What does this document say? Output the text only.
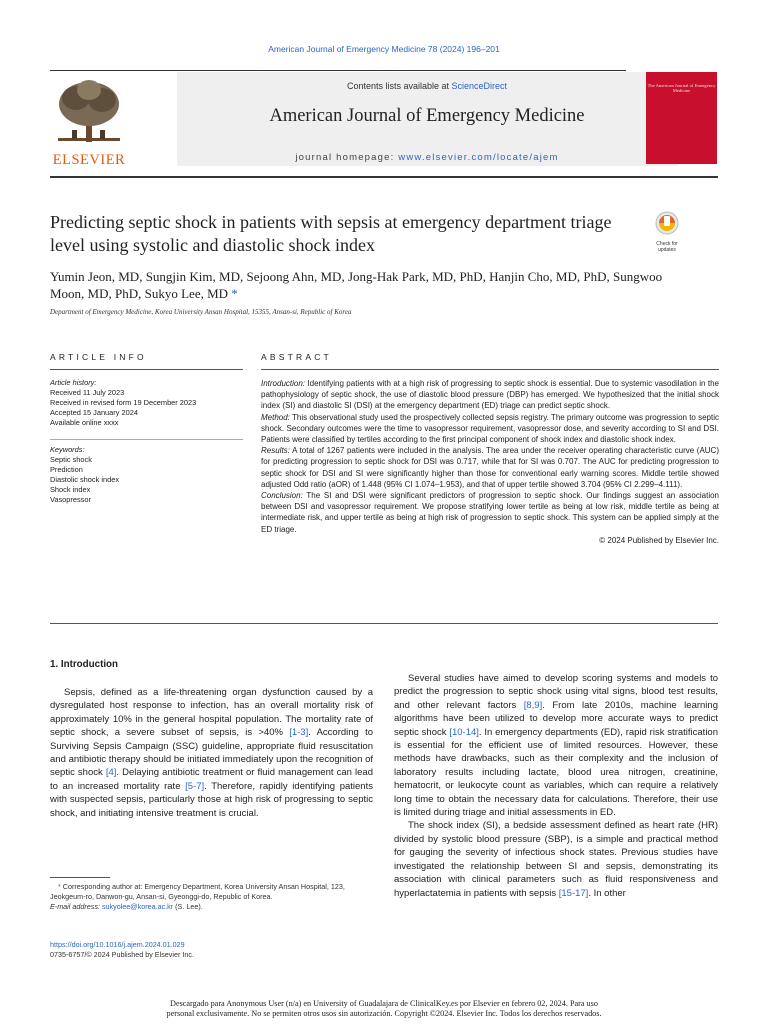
American Journal of Emergency Medicine 78 (2024) 196–201
Contents lists available at ScienceDirect
American Journal of Emergency Medicine
journal homepage: www.elsevier.com/locate/ajem
ELSEVIER
The American Journal of Emergency Medicine
Predicting septic shock in patients with sepsis at emergency department triage level using systolic and diastolic shock index	Check for updates
Yumin Jeon, MD, Sungjin Kim, MD, Sejoong Ahn, MD, Jong-Hak Park, MD, PhD, Hanjin Cho, MD, PhD, Sungwoo Moon, MD, PhD, Sukyo Lee, MD *
Department of Emergency Medicine, Korea University Ansan Hospital, 15355, Ansan-si, Republic of Korea
ARTICLE INFO	ABSTRACT
Article history:
Received 11 July 2023
Received in revised form 19 December 2023
Accepted 15 January 2024
Available online xxxx
Keywords:
Septic shock
Prediction
Diastolic shock index
Shock index
Vasopressor

Introduction: Identifying patients with at a high risk of progressing to septic shock is essential. Due to systemic vasodilation in the pathophysiology of septic shock, the use of diastolic blood pressure (DBP) has emerged. We hypothesized that the initial shock index (SI) and diastolic SI (DSI) at the emergency department (ED) triage can predict septic shock.

Method: This observational study used the prospectively collected sepsis registry. The primary outcome was progression to septic shock. Secondary outcomes were the time to vasopressor requirement, vasopressor dose, and severity according to SI and DSI. Patients were classified by tertiles according to the first principal component of shock index and diastolic shock index.

Results: A total of 1267 patients were included in the analysis. The area under the receiver operating characteristic curve (AUC) for predicting progression to septic shock for DSI was 0.717, while that for SI was 0.707. The AUC for predicting progression to septic shock for DSI and SI were significantly higher than those for conventional early warning scores. Middle tertile showed adjusted Odd ratio (aOR) of 1.448 (95% CI 1.074–1.953), and that of upper tertile showed 3.704 (95% CI 2.299–4.111).

Conclusion: The SI and DSI were significant predictors of progression to septic shock. Our findings suggest an association between DSI and vasopressor requirement. We propose stratifying lower tertile as being at low risk, middle tertile as being at intermediate risk, and upper tertile as being at high risk of progression to septic shock. This system can be applied simply at the ED triage.

© 2024 Published by Elsevier Inc.

1. Introduction

Sepsis, defined as a life-threatening organ dysfunction caused by a dysregulated host response to infection, has an overall mortality risk of approximately 10% in the general hospital population. The mortality rate of septic shock, a severe subset of sepsis, is >40% [1-3]. According to Surviving Sepsis Campaign (SSC) guideline, appropriate fluid resuscitation and antibiotic therapy should be initiated immediately upon the recognition of septic shock [4]. Delaying antibiotic treatment or fluid management can lead to an increased mortality rate [5-7]. Therefore, rapidly identifying patients with suspected sepsis, particularly those at high risk of progressing to septic shock, and initiating intensive treatment is crucial.

Several studies have aimed to develop scoring systems and models to predict the progression to septic shock using vital signs, blood test results, and other relevant factors [8,9]. From late 2010s, machine learning algorithms have been utilized to develop more accurate ways to predict septic shock [10-14]. In emergency departments (ED), rapid risk stratification is essential for the efficient use of limited resources. However, these methods have drawbacks, such as their complexity and the inclusion of laboratory results including lactate, blood urea nitrogen, creatinine, hematocrit, or leukocyte count as variables, which can require a relatively long time to obtain the necessary data for calculations. Therefore, their use is limited during triage and initial assessments in ED.

The shock index (SI), a bedside assessment defined as heart rate (HR) divided by systolic blood pressure (SBP), is a simple and practical method for gauging the severity of infectious shock states. Previous studies have investigated the relationship between SI and sepsis, demonstrating its association with clinical parameters such as fluid responsiveness and hyperlactatemia in patients with sepsis [15-17]. In other

* Corresponding author at: Emergency Department, Korea University Ansan Hospital, 123, Jeokgeum-ro, Danwon-gu, Ansan-si, Gyeonggi-do, Republic of Korea.
E-mail address: sukyolee@korea.ac.kr (S. Lee).
https://doi.org/10.1016/j.ajem.2024.01.029
0735-6757/© 2024 Published by Elsevier Inc.
Descargado para Anonymous User (n/a) en University of Guadalajara de ClinicalKey.es por Elsevier en febrero 02, 2024. Para uso
personal exclusivamente. No se permiten otros usos sin autorización. Copyright ©2024. Elsevier Inc. Todos los derechos reservados.
